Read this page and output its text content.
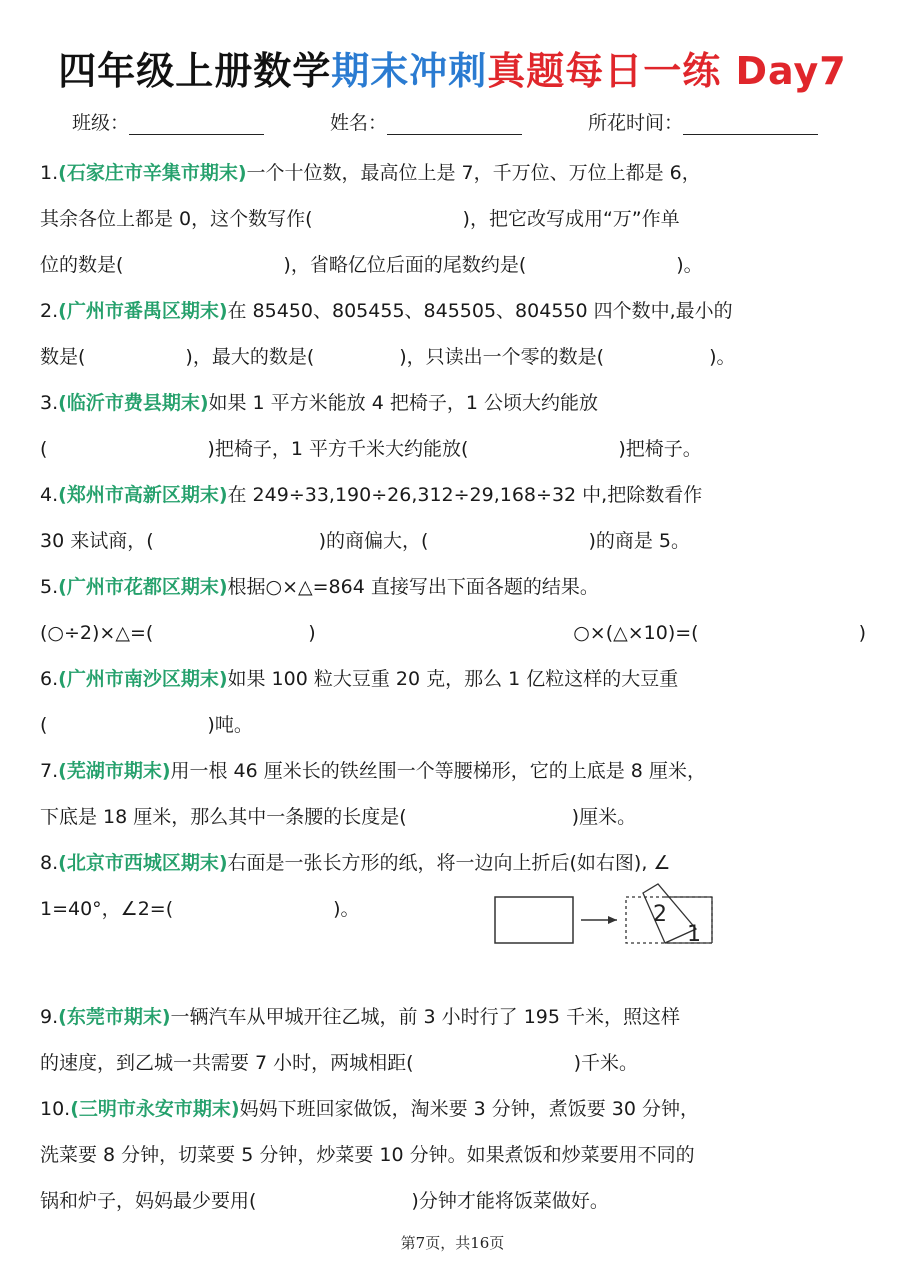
四年级上册数学期末冲刺真题每日一练 Day7
班级：	姓名：	所花时间：
1.(石家庄市辛集市期末)一个十位数，最高位上是 7，千万位、万位上都是 6，
其余各位上都是 0，这个数写作(	)，把它改写成用“万”作单
位的数是(	)，省略亿位后面的尾数约是(	)。
2.(广州市番禺区期末)在 85450、805455、845505、804550 四个数中,最小的
数是(	)，最大的数是(	)，只读出一个零的数是(	)。
3.(临沂市费县期末)如果 1 平方米能放 4 把椅子，1 公顷大约能放
(	)把椅子，1 平方千米大约能放(	)把椅子。
4.(郑州市高新区期末)在 249÷33,190÷26,312÷29,168÷32 中,把除数看作
30 来试商，(	)的商偏大，(	)的商是 5。
5.(广州市花都区期末)根据○×△=864 直接写出下面各题的结果。
(○÷2)×△=(	)	○×(△×10)=(	)
6.(广州市南沙区期末)如果 100 粒大豆重 20 克，那么 1 亿粒这样的大豆重
(	)吨。
7.(芜湖市期末)用一根 46 厘米长的铁丝围一个等腰梯形，它的上底是 8 厘米，
下底是 18 厘米，那么其中一条腰的长度是(	)厘米。
8.(北京市西城区期末)右面是一张长方形的纸，将一边向上折后(如右图), ∠
1=40°，∠2=(	)。
9.(东莞市期末)一辆汽车从甲城开往乙城，前 3 小时行了 195 千米，照这样
的速度，到乙城一共需要 7 小时，两城相距(	)千米。
10.(三明市永安市期末)妈妈下班回家做饭，淘米要 3 分钟，煮饭要 30 分钟，
洗菜要 8 分钟，切菜要 5 分钟，炒菜要 10 分钟。如果煮饭和炒菜要用不同的
锅和炉子，妈妈最少要用(	)分钟才能将饭菜做好。
2
1
第7页，共16页
